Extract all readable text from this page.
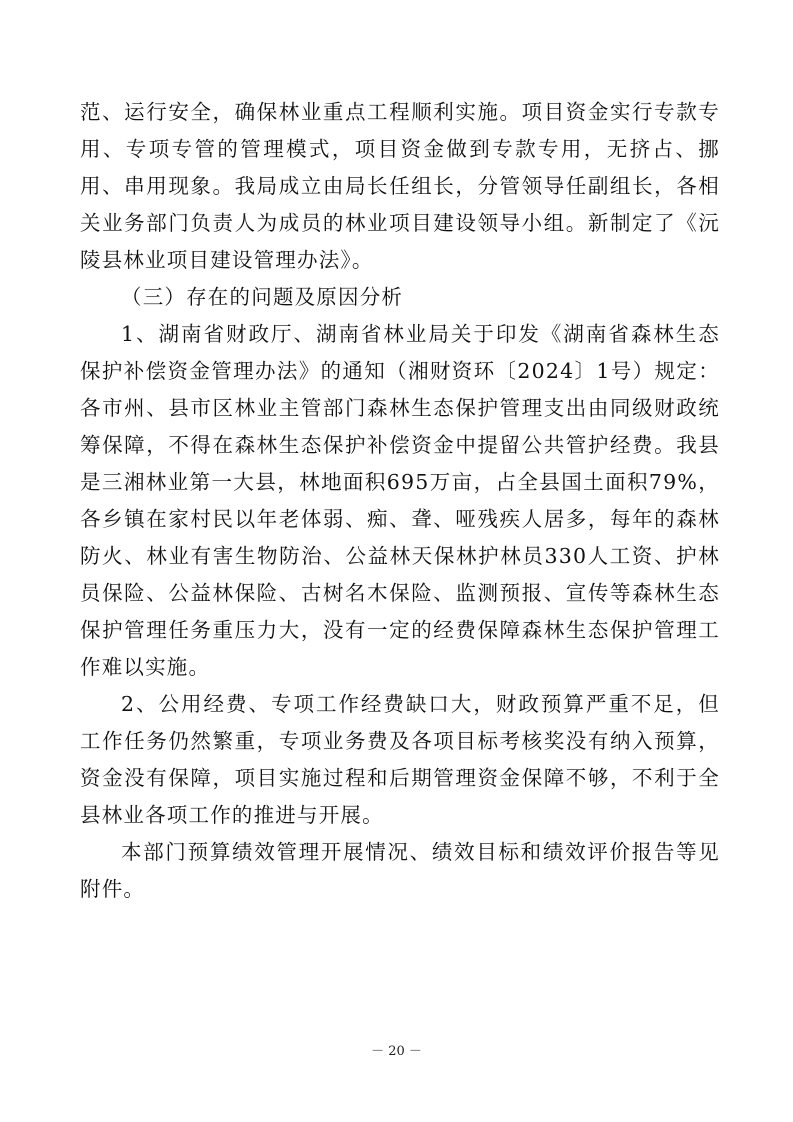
范、运行安全，确保林业重点工程顺利实施。项目资金实行专款专用、专项专管的管理模式，项目资金做到专款专用，无挤占、挪用、串用现象。我局成立由局长任组长，分管领导任副组长，各相关业务部门负责人为成员的林业项目建设领导小组。新制定了《沅陵县林业项目建设管理办法》。

（三）存在的问题及原因分析

1、湖南省财政厅、湖南省林业局关于印发《湖南省森林生态保护补偿资金管理办法》的通知（湘财资环〔2024〕1号）规定：各市州、县市区林业主管部门森林生态保护管理支出由同级财政统筹保障，不得在森林生态保护补偿资金中提留公共管护经费。我县是三湘林业第一大县，林地面积695万亩，占全县国土面积79%，各乡镇在家村民以年老体弱、痴、聋、哑残疾人居多，每年的森林防火、林业有害生物防治、公益林天保林护林员330人工资、护林员保险、公益林保险、古树名木保险、监测预报、宣传等森林生态保护管理任务重压力大，没有一定的经费保障森林生态保护管理工作难以实施。

2、公用经费、专项工作经费缺口大，财政预算严重不足，但工作任务仍然繁重，专项业务费及各项目标考核奖没有纳入预算，资金没有保障，项目实施过程和后期管理资金保障不够，不利于全县林业各项工作的推进与开展。

本部门预算绩效管理开展情况、绩效目标和绩效评价报告等见附件。

－ 20 －
